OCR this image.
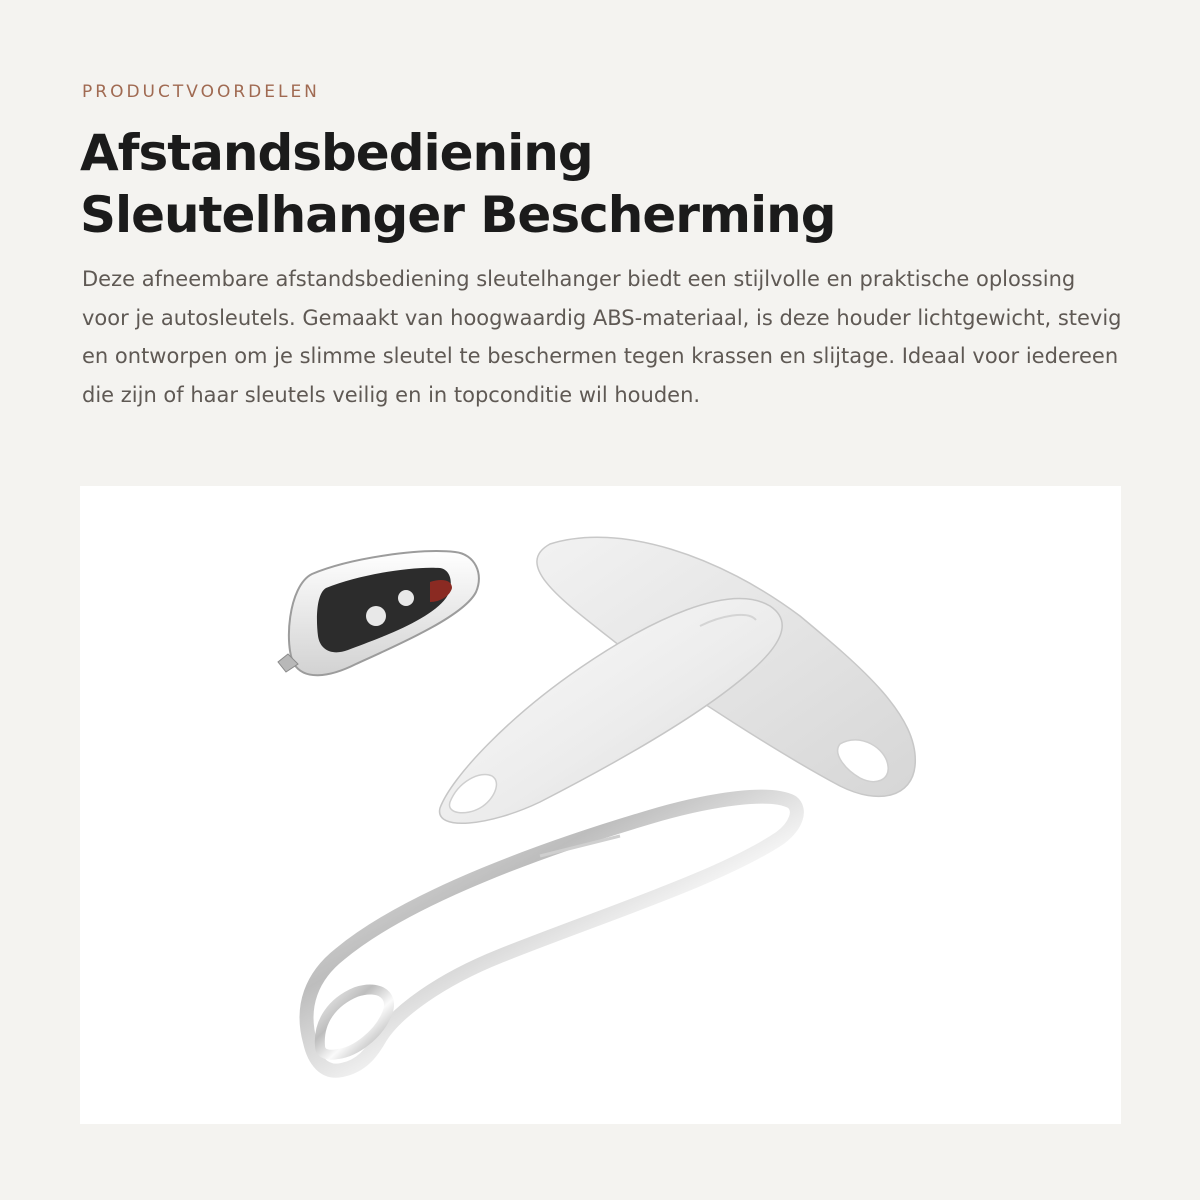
PRODUCTVOORDELEN
Afstandsbediening
Sleutelhanger Bescherming

Deze afneembare afstandsbediening sleutelhanger biedt een stijlvolle en praktische oplossing voor je autosleutels. Gemaakt van hoogwaardig ABS-materiaal, is deze houder lichtgewicht, stevig en ontworpen om je slimme sleutel te beschermen tegen krassen en slijtage. Ideaal voor iedereen die zijn of haar sleutels veilig en in topconditie wil houden.
